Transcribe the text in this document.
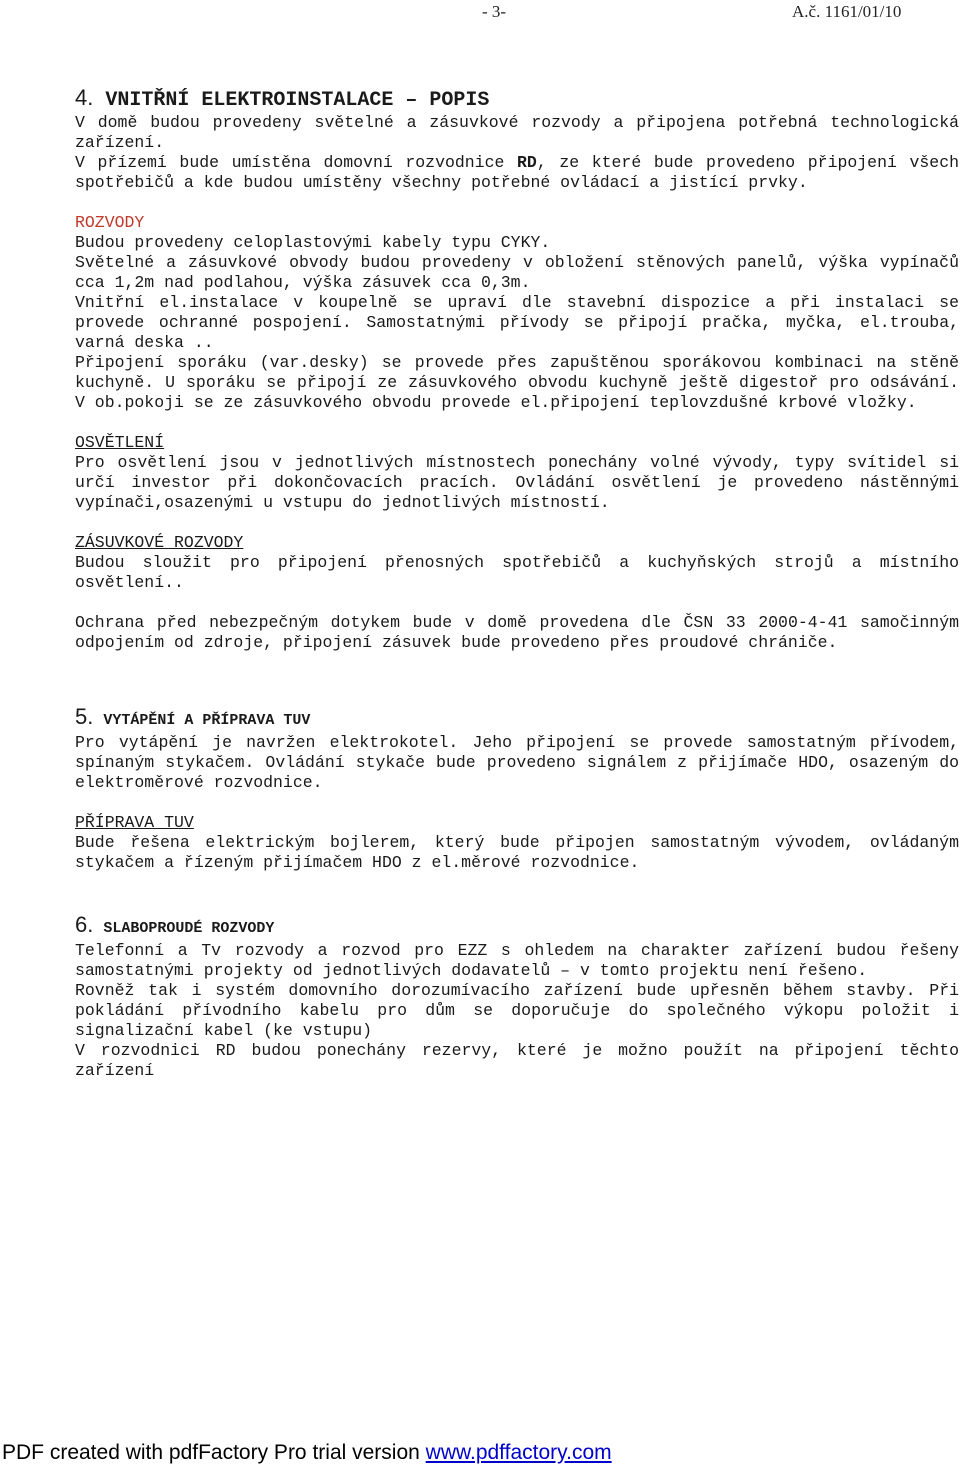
- 3-	A.č. 1161/01/10
4. VNITŘNÍ ELEKTROINSTALACE – POPIS

V domě budou provedeny světelné a zásuvkové rozvody a připojena potřebná technologická zařízení.

V přízemí bude umístěna domovní rozvodnice RD, ze které bude provedeno připojení všech spotřebičů a kde budou umístěny všechny potřebné ovládací a jistící prvky.

ROZVODY

Budou provedeny celoplastovými kabely typu CYKY.

Světelné a zásuvkové obvody budou provedeny v obložení stěnových panelů, výška vypínačů cca 1,2m nad podlahou, výška zásuvek cca 0,3m.

Vnitřní el.instalace v koupelně se upraví dle stavební dispozice a při instalaci se provede ochranné pospojení. Samostatnými přívody se připojí pračka, myčka, el.trouba, varná deska ..

Připojení sporáku (var.desky) se provede přes zapuštěnou sporákovou kombinaci na stěně kuchyně. U sporáku se připojí ze zásuvkového obvodu kuchyně ještě digestoř pro odsávání. V ob.pokoji se ze zásuvkového obvodu provede el.připojení teplovzdušné krbové vložky.

OSVĚTLENÍ

Pro osvětlení jsou v jednotlivých místnostech ponechány volné vývody, typy svítidel si určí investor při dokončovacích pracích. Ovládání osvětlení je provedeno nástěnnými vypínači,osazenými u vstupu do jednotlivých místností.

ZÁSUVKOVÉ ROZVODY

Budou sloužit pro připojení přenosných spotřebičů a kuchyňských strojů a místního osvětlení..

Ochrana před nebezpečným dotykem bude v domě provedena dle ČSN 33 2000-4-41 samočinným odpojením od zdroje, připojení zásuvek bude provedeno přes proudové chrániče.

5. VYTÁPĚNÍ A PŘÍPRAVA TUV

Pro vytápění je navržen elektrokotel. Jeho připojení se provede samostatným přívodem, spínaným stykačem. Ovládání stykače bude provedeno signálem z přijímače HDO, osazeným do elektroměrové rozvodnice.

PŘÍPRAVA TUV

Bude řešena elektrickým bojlerem, který bude připojen samostatným vývodem, ovládaným stykačem a řízeným přijímačem HDO z el.měrové rozvodnice.

6. SLABOPROUDÉ ROZVODY

Telefonní a Tv rozvody a rozvod pro EZZ s ohledem na charakter zařízení budou řešeny samostatnými projekty od jednotlivých dodavatelů – v tomto projektu není řešeno.

Rovněž tak i systém domovního dorozumívacího zařízení bude upřesněn během stavby. Při pokládání přívodního kabelu pro dům se doporučuje do společného výkopu položit i signalizační kabel (ke vstupu)

V rozvodnici RD budou ponechány rezervy, které je možno použít na připojení těchto zařízení

PDF created with pdfFactory Pro trial version www.pdffactory.com
